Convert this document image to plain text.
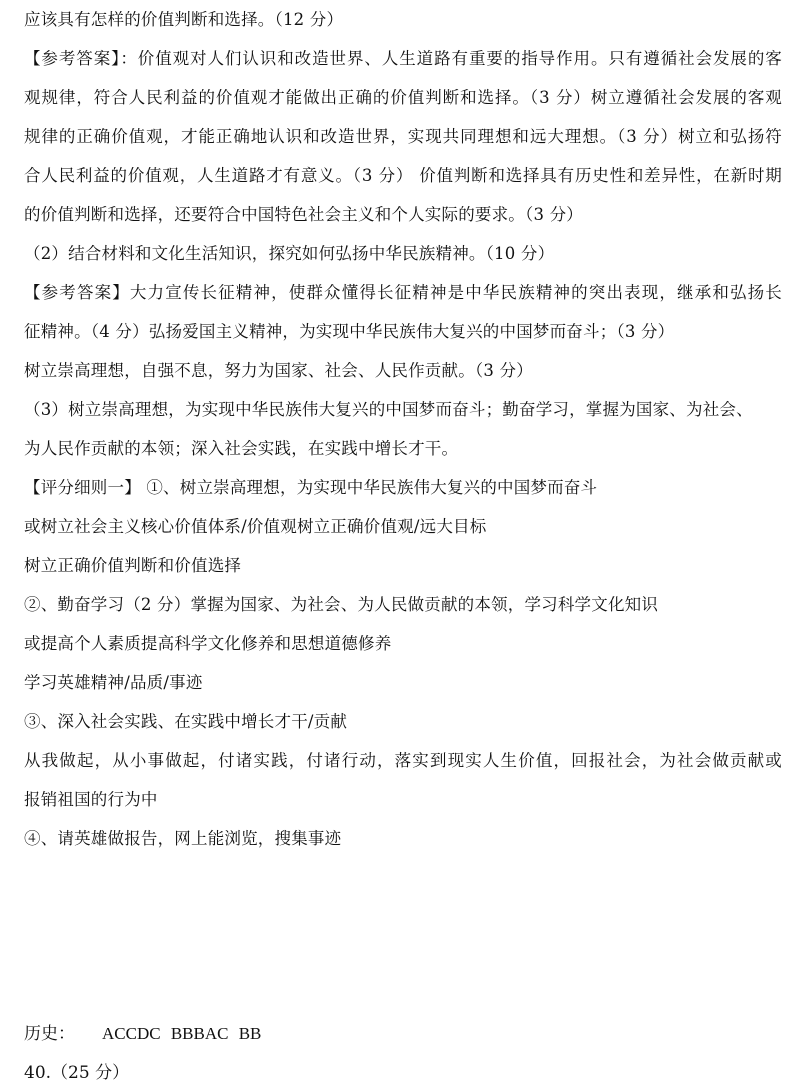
应该具有怎样的价值判断和选择。（12 分）
【参考答案】：价值观对人们认识和改造世界、人生道路有重要的指导作用。只有遵循社会发展的客
观规律，符合人民利益的价值观才能做出正确的价值判断和选择。（3 分）树立遵循社会发展的客观
规律的正确价值观，才能正确地认识和改造世界，实现共同理想和远大理想。（3 分）树立和弘扬符
合人民利益的价值观，人生道路才有意义。（3 分） 价值判断和选择具有历史性和差异性，在新时期
的价值判断和选择，还要符合中国特色社会主义和个人实际的要求。（3 分）
（2）结合材料和文化生活知识，探究如何弘扬中华民族精神。（10 分）
【参考答案】大力宣传长征精神，使群众懂得长征精神是中华民族精神的突出表现，继承和弘扬长
征精神。（4 分）弘扬爱国主义精神，为实现中华民族伟大复兴的中国梦而奋斗；（3 分）
树立崇高理想，自强不息，努力为国家、社会、人民作贡献。（3 分）
（3）树立崇高理想，为实现中华民族伟大复兴的中国梦而奋斗；勤奋学习，掌握为国家、为社会、
为人民作贡献的本领；深入社会实践，在实践中增长才干。
【评分细则一】 ①、树立崇高理想，为实现中华民族伟大复兴的中国梦而奋斗
或树立社会主义核心价值体系/价值观树立正确价值观/远大目标
树立正确价值判断和价值选择
②、勤奋学习（2 分）掌握为国家、为社会、为人民做贡献的本领，学习科学文化知识
或提高个人素质提高科学文化修养和思想道德修养
学习英雄精神/品质/事迹
③、深入社会实践、在实践中增长才干/贡献
从我做起，从小事做起，付诸实践，付诸行动，落实到现实人生价值，回报社会，为社会做贡献或
报销祖国的行为中
④、请英雄做报告，网上能浏览，搜集事迹
历史： ACCDC BBBAC BB
40.（25 分）
